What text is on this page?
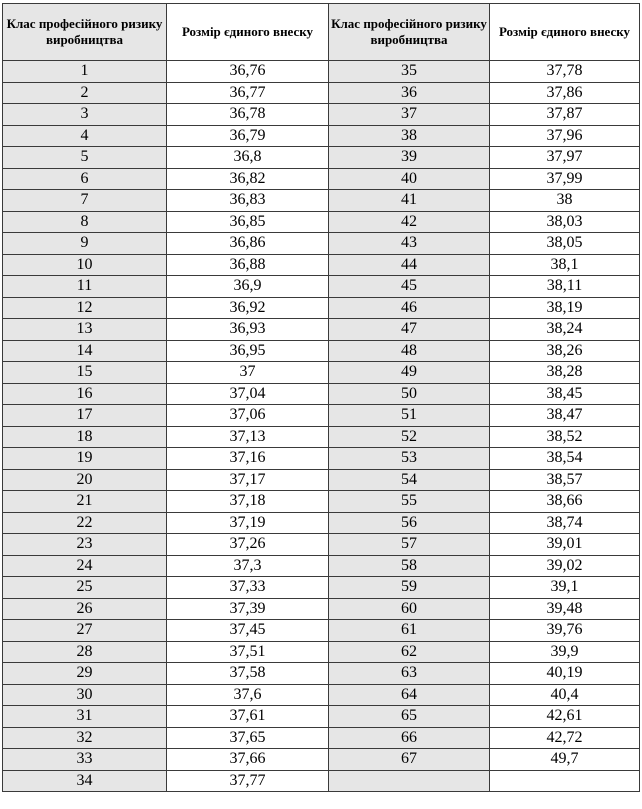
Клас професійного ризику виробництва	Розмір єдиного внеску	Клас професійного ризику виробництва	Розмір єдиного внеску
1	36,76	35	37,78
2	36,77	36	37,86
3	36,78	37	37,87
4	36,79	38	37,96
5	36,8	39	37,97
6	36,82	40	37,99
7	36,83	41	38
8	36,85	42	38,03
9	36,86	43	38,05
10	36,88	44	38,1
11	36,9	45	38,11
12	36,92	46	38,19
13	36,93	47	38,24
14	36,95	48	38,26
15	37	49	38,28
16	37,04	50	38,45
17	37,06	51	38,47
18	37,13	52	38,52
19	37,16	53	38,54
20	37,17	54	38,57
21	37,18	55	38,66
22	37,19	56	38,74
23	37,26	57	39,01
24	37,3	58	39,02
25	37,33	59	39,1
26	37,39	60	39,48
27	37,45	61	39,76
28	37,51	62	39,9
29	37,58	63	40,19
30	37,6	64	40,4
31	37,61	65	42,61
32	37,65	66	42,72
33	37,66	67	49,7
34	37,77		
